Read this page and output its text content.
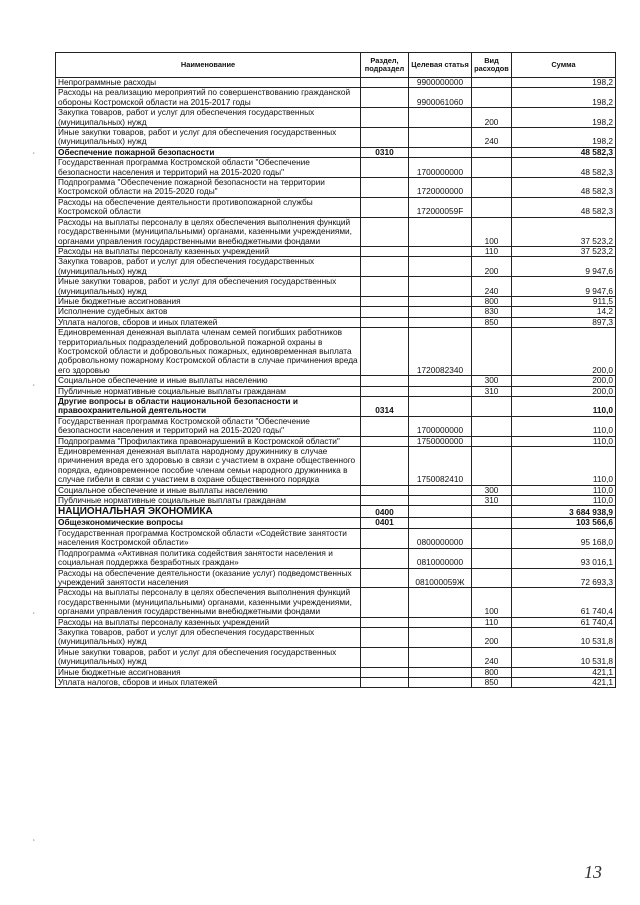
Наименование	Раздел, подраздел	Целевая статья	Вид расходов	Сумма
Непрограммные расходы		9900000000		198,2
Расходы на реализацию мероприятий по совершенствованию гражданской обороны Костромской области на 2015-2017 годы		9900061060		198,2
Закупка товаров, работ и услуг для обеспечения государственных (муниципальных) нужд			200	198,2
Иные закупки товаров, работ и услуг для обеспечения государственных (муниципальных) нужд			240	198,2
Обеспечение пожарной безопасности	0310			48 582,3
Государственная программа Костромской области "Обеспечение безопасности населения и территорий на 2015-2020 годы"		1700000000		48 582,3
Подпрограмма "Обеспечение пожарной безопасности на территории Костромской области на 2015-2020 годы"		1720000000		48 582,3
Расходы на обеспечение деятельности противопожарной службы Костромской области		172000059F		48 582,3
Расходы на выплаты персоналу в целях обеспечения выполнения функций государственными (муниципальными) органами, казенными учреждениями, органами управления государственными внебюджетными фондами			100	37 523,2
Расходы на выплаты персоналу казенных учреждений			110	37 523,2
Закупка товаров, работ и услуг для обеспечения государственных (муниципальных) нужд			200	9 947,6
Иные закупки товаров, работ и услуг для обеспечения государственных (муниципальных) нужд			240	9 947,6
Иные бюджетные ассигнования			800	911,5
Исполнение судебных актов			830	14,2
Уплата налогов, сборов и иных платежей			850	897,3
Единовременная денежная выплата членам семей погибших работников территориальных подразделений добровольной пожарной охраны в Костромской области и добровольных пожарных, единовременная выплата добровольному пожарному Костромской области в случае причинения вреда его здоровью		1720082340		200,0
Социальное обеспечение и иные выплаты населению			300	200,0
Публичные нормативные социальные выплаты гражданам			310	200,0
Другие вопросы в области национальной безопасности и правоохранительной деятельности	0314			110,0
Государственная программа Костромской области "Обеспечение безопасности населения и территорий на 2015-2020 годы"		1700000000		110,0
Подпрограмма "Профилактика правонарушений в Костромской области"		1750000000		110,0
Единовременная денежная выплата народному дружиннику в случае причинения вреда его здоровью в связи с участием в охране общественного порядка, единовременное пособие членам семьи народного дружинника в случае гибели в связи с участием в охране общественного порядка		1750082410		110,0
Социальное обеспечение и иные выплаты населению			300	110,0
Публичные нормативные социальные выплаты гражданам			310	110,0
НАЦИОНАЛЬНАЯ ЭКОНОМИКА	0400			3 684 938,9
Общеэкономические вопросы	0401			103 566,6
Государственная программа Костромской области «Содействие занятости населения Костромской области»		0800000000		95 168,0
Подпрограмма «Активная политика содействия занятости населения и социальная поддержка безработных граждан»		0810000000		93 016,1
Расходы на обеспечение деятельности (оказание услуг) подведомственных учреждений занятости населения		081000059Ж		72 693,3
Расходы на выплаты персоналу в целях обеспечения выполнения функций государственными (муниципальными) органами, казенными учреждениями, органами управления государственными внебюджетными фондами			100	61 740,4
Расходы на выплаты персоналу казенных учреждений			110	61 740,4
Закупка товаров, работ и услуг для обеспечения государственных (муниципальных) нужд			200	10 531,8
Иные закупки товаров, работ и услуг для обеспечения государственных (муниципальных) нужд			240	10 531,8
Иные бюджетные ассигнования			800	421,1
Уплата налогов, сборов и иных платежей			850	421,1
‘
‘
‘
‘
13
